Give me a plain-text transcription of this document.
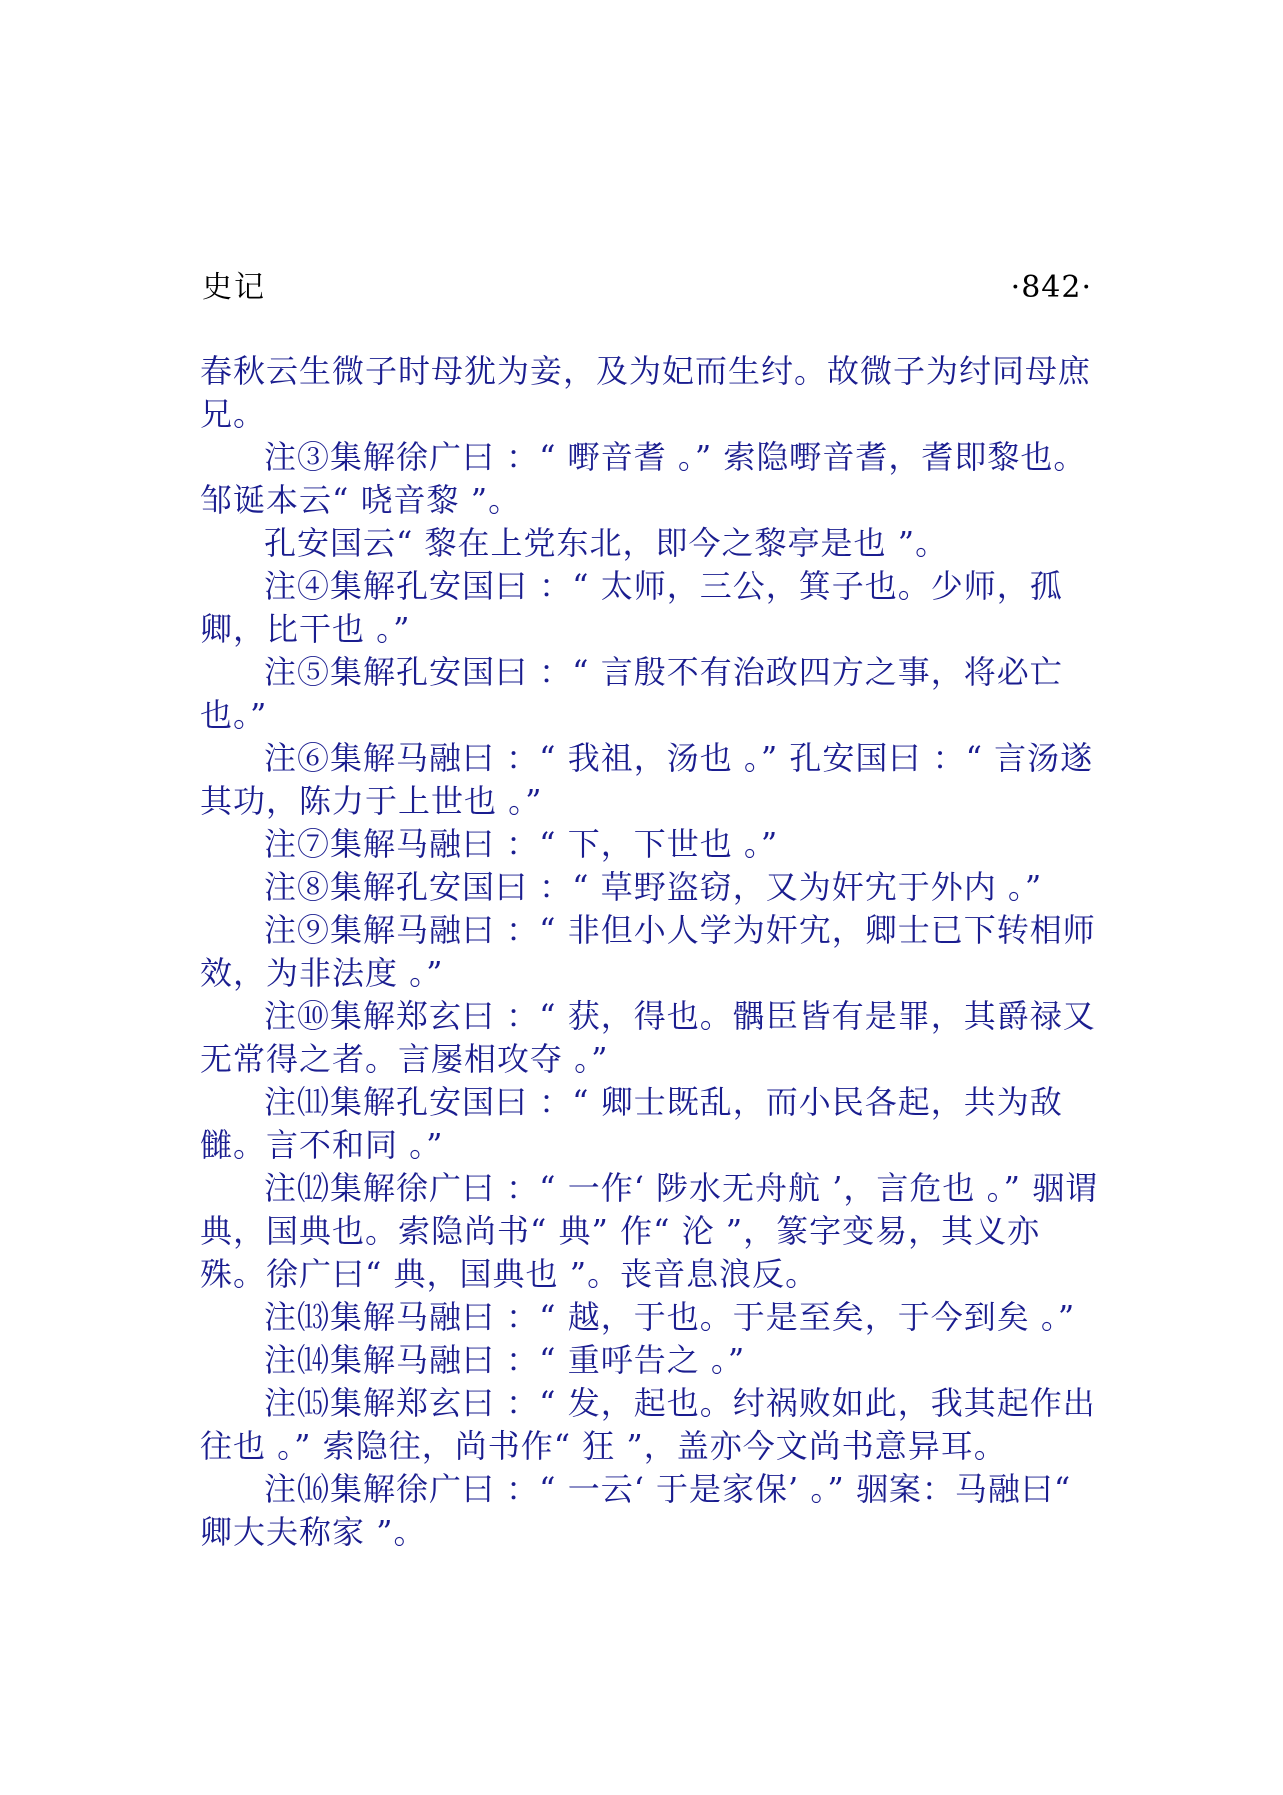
史记	·842·

春秋云生微子时母犹为妾，及为妃而生纣。故微子为纣同母庶兄。

注③集解徐广曰 ：“ 嘢音耆 。” 索隐嘢音耆，耆即黎也。邹诞本云“ 哓音黎 ”。

孔安国云“ 黎在上党东北，即今之黎亭是也 ”。

注④集解孔安国曰 ：“ 太师，三公，箕子也。少师，孤卿，比干也 。”

注⑤集解孔安国曰 ：“ 言殷不有治政四方之事，将必亡也。”

注⑥集解马融曰 ：“ 我祖，汤也 。” 孔安国曰 ：“ 言汤遂其功，陈力于上世也 。”

注⑦集解马融曰 ：“ 下，下世也 。”

注⑧集解孔安国曰 ：“ 草野盗窃，又为奸宄于外内 。”

注⑨集解马融曰 ：“ 非但小人学为奸宄，卿士已下转相师效，为非法度 。”

注⑩集解郑玄曰 ：“ 获，得也。髃臣皆有是罪，其爵禄又无常得之者。言屡相攻夺 。”

注⑾集解孔安国曰 ：“ 卿士既乱，而小民各起，共为敌雠。言不和同 。”

注⑿集解徐广曰 ：“ 一作‘ 陟水无舟航 ’，言危也 。” 骃谓典，国典也。索隐尚书“ 典” 作“ 沦 ”，篆字变易，其义亦殊。徐广曰“ 典，国典也 ”。丧音息浪反。

注⒀集解马融曰 ：“ 越，于也。于是至矣，于今到矣 。”

注⒁集解马融曰 ：“ 重呼告之 。”

注⒂集解郑玄曰 ：“ 发，起也。纣祸败如此，我其起作出往也 。” 索隐往，尚书作“ 狂 ”，盖亦今文尚书意异耳。

注⒃集解徐广曰 ：“ 一云‘ 于是家保’ 。” 骃案：马融曰“ 卿大夫称家 ”。
